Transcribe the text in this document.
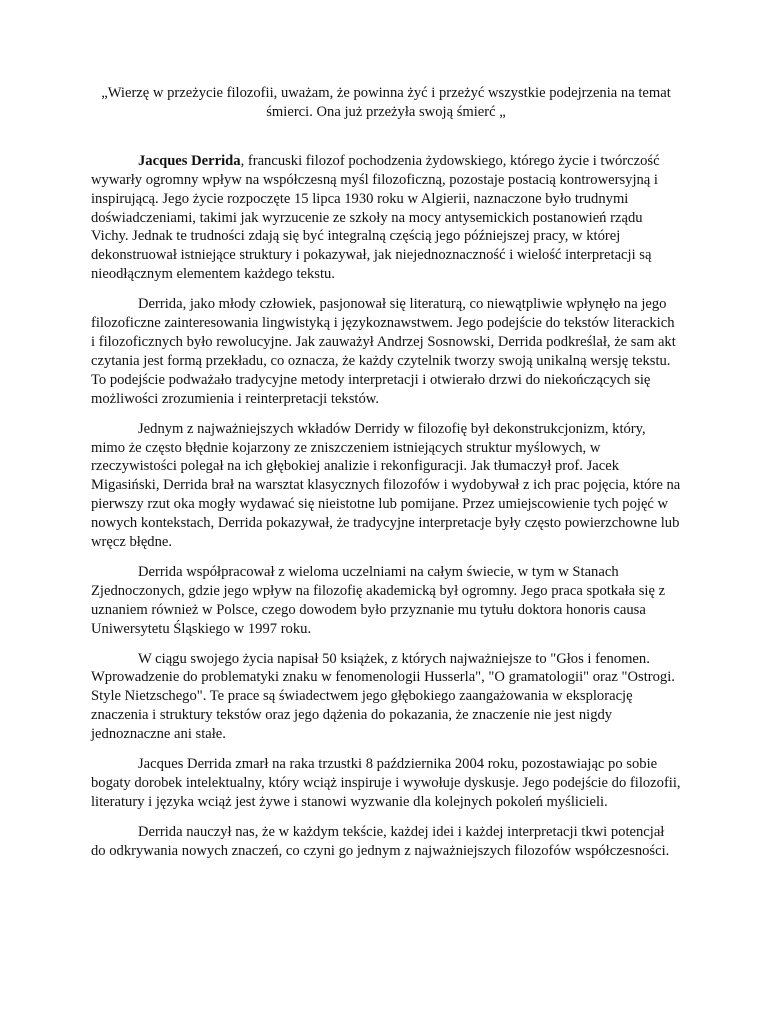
„Wierzę w przeżycie filozofii, uważam, że powinna żyć i przeżyć wszystkie podejrzenia na temat śmierci. Ona już przeżyła swoją śmierć „

Jacques Derrida, francuski filozof pochodzenia żydowskiego, którego życie i twórczość wywarły ogromny wpływ na współczesną myśl filozoficzną, pozostaje postacią kontrowersyjną i inspirującą. Jego życie rozpoczęte 15 lipca 1930 roku w Algierii, naznaczone było trudnymi doświadczeniami, takimi jak wyrzucenie ze szkoły na mocy antysemickich postanowień rządu Vichy. Jednak te trudności zdają się być integralną częścią jego późniejszej pracy, w której dekonstruował istniejące struktury i pokazywał, jak niejednoznaczność i wielość interpretacji są nieodłącznym elementem każdego tekstu.

Derrida, jako młody człowiek, pasjonował się literaturą, co niewątpliwie wpłynęło na jego filozoficzne zainteresowania lingwistyką i językoznawstwem. Jego podejście do tekstów literackich i filozoficznych było rewolucyjne. Jak zauważył Andrzej Sosnowski, Derrida podkreślał, że sam akt czytania jest formą przekładu, co oznacza, że każdy czytelnik tworzy swoją unikalną wersję tekstu. To podejście podważało tradycyjne metody interpretacji i otwierało drzwi do niekończących się możliwości zrozumienia i reinterpretacji tekstów.

Jednym z najważniejszych wkładów Derridy w filozofię był dekonstrukcjonizm, który, mimo że często błędnie kojarzony ze zniszczeniem istniejących struktur myślowych, w rzeczywistości polegał na ich głębokiej analizie i rekonfiguracji. Jak tłumaczył prof. Jacek Migasiński, Derrida brał na warsztat klasycznych filozofów i wydobywał z ich prac pojęcia, które na pierwszy rzut oka mogły wydawać się nieistotne lub pomijane. Przez umiejscowienie tych pojęć w nowych kontekstach, Derrida pokazywał, że tradycyjne interpretacje były często powierzchowne lub wręcz błędne.

Derrida współpracował z wieloma uczelniami na całym świecie, w tym w Stanach Zjednoczonych, gdzie jego wpływ na filozofię akademicką był ogromny. Jego praca spotkała się z uznaniem również w Polsce, czego dowodem było przyznanie mu tytułu doktora honoris causa Uniwersytetu Śląskiego w 1997 roku.

W ciągu swojego życia napisał 50 książek, z których najważniejsze to "Głos i fenomen. Wprowadzenie do problematyki znaku w fenomenologii Husserla", "O gramatologii" oraz "Ostrogi. Style Nietzschego". Te prace są świadectwem jego głębokiego zaangażowania w eksplorację znaczenia i struktury tekstów oraz jego dążenia do pokazania, że znaczenie nie jest nigdy jednoznaczne ani stałe.

Jacques Derrida zmarł na raka trzustki 8 października 2004 roku, pozostawiając po sobie bogaty dorobek intelektualny, który wciąż inspiruje i wywołuje dyskusje. Jego podejście do filozofii, literatury i języka wciąż jest żywe i stanowi wyzwanie dla kolejnych pokoleń myślicieli.

Derrida nauczył nas, że w każdym tekście, każdej idei i każdej interpretacji tkwi potencjał do odkrywania nowych znaczeń, co czyni go jednym z najważniejszych filozofów współczesności.
